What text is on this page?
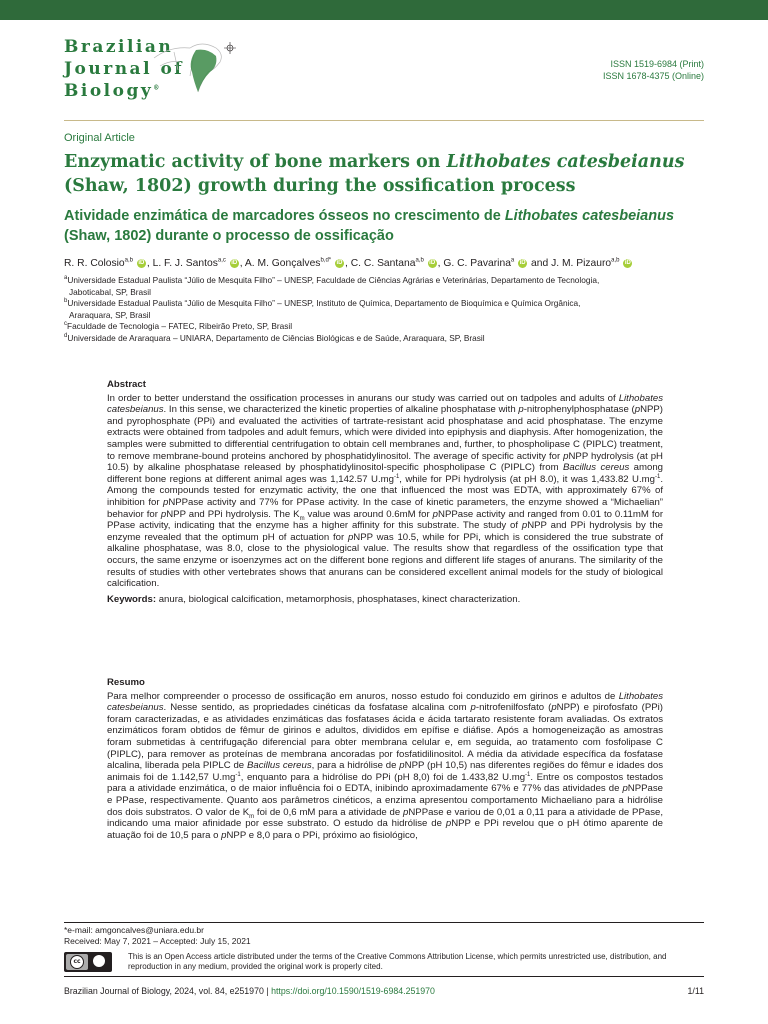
Brazilian
Journal of
Biology®
ISSN 1519-6984 (Print)
ISSN 1678-4375 (Online)
Original Article
Enzymatic activity of bone markers on Lithobates catesbeianus (Shaw, 1802) growth during the ossification process
Atividade enzimática de marcadores ósseos no crescimento de Lithobates catesbeianus (Shaw, 1802) durante o processo de ossificação
R. R. Colosio$^{a,b}$ iD , L. F. J. Santos$^{a,c}$ iD , A. M. Gonçalves$^{b,d*}$ iD , C. C. Santana$^{a,b}$ iD , G. C. Pavarina$^a$ iD and J. M. Pizauro$^{a,b}$ iD

$^a$Universidade Estadual Paulista “Júlio de Mesquita Filho” – UNESP, Faculdade de Ciências Agrárias e Veterinárias, Departamento de Tecnologia,

Jaboticabal, SP, Brasil

$^b$Universidade Estadual Paulista “Júlio de Mesquita Filho” – UNESP, Instituto de Química, Departamento de Bioquímica e Química Orgânica,

Araraquara, SP, Brasil

$^c$Faculdade de Tecnologia – FATEC, Ribeirão Preto, SP, Brasil

$^d$Universidade de Araraquara – UNIARA, Departamento de Ciências Biológicas e de Saúde, Araraquara, SP, Brasil

Abstract

In order to better understand the ossification processes in anurans our study was carried out on tadpoles and adults of Lithobates catesbeianus. In this sense, we characterized the kinetic properties of alkaline phosphatase with p-nitrophenylphosphatase (pNPP) and pyrophosphate (PPi) and evaluated the activities of tartrate-resistant acid phosphatase and acid phosphatase. The enzyme extracts were obtained from tadpoles and adult femurs, which were divided into epiphysis and diaphysis. After homogenization, the samples were submitted to differential centrifugation to obtain cell membranes and, further, to phospholipase C (PIPLC) treatment, to remove membrane-bound proteins anchored by phosphatidylinositol. The average of specific activity for pNPP hydrolysis (at pH 10.5) by alkaline phosphatase released by phosphatidylinositol-specific phospholipase C (PIPLC) from Bacillus cereus among different bone regions at different animal ages was 1,142.57 $U.mg^{-1}$, while for PPi hydrolysis (at pH 8.0), it was 1,433.82 $U.mg^{-1}$. Among the compounds tested for enzymatic activity, the one that influenced the most was EDTA, with approximately 67% of inhibition for pNPPase activity and 77% for PPase activity. In the case of kinetic parameters, the enzyme showed a “Michaelian” behavior for pNPP and PPi hydrolysis. The $K_m$ value was around 0.6mM for pNPPase activity and ranged from 0.01 to 0.11mM for PPase activity, indicating that the enzyme has a higher affinity for this substrate. The study of pNPP and PPi hydrolysis by the enzyme revealed that the optimum pH of actuation for pNPP was 10.5, while for PPi, which is considered the true substrate of alkaline phosphatase, was 8.0, close to the physiological value. The results show that regardless of the ossification type that occurs, the same enzyme or isoenzymes act on the different bone regions and different life stages of anurans. The similarity of the results of studies with other vertebrates shows that anurans can be considered excellent animal models for the study of biological calcification.

Keywords: anura, biological calcification, metamorphosis, phosphatases, kinect characterization.

Resumo

Para melhor compreender o processo de ossificação em anuros, nosso estudo foi conduzido em girinos e adultos de Lithobates catesbeianus. Nesse sentido, as propriedades cinéticas da fosfatase alcalina com p-nitrofenilfosfato (pNPP) e pirofosfato (PPi) foram caracterizadas, e as atividades enzimáticas das fosfatases ácida e ácida tartarato resistente foram avaliadas. Os extratos enzimáticos foram obtidos de fêmur de girinos e adultos, divididos em epífise e diáfise. Após a homogeneização as amostras foram submetidas à centrifugação diferencial para obter membrana celular e, em seguida, ao tratamento com fosfolipase C (PIPLC), para remover as proteínas de membrana ancoradas por fosfatidilinositol. A média da atividade específica da fosfatase alcalina, liberada pela PIPLC de Bacillus cereus, para a hidrólise de pNPP (pH 10,5) nas diferentes regiões do fêmur e idades dos animais foi de 1.142,57 $U.mg^{-1}$, enquanto para a hidrólise do PPi (pH 8,0) foi de 1.433,82 $U.mg^{-1}$. Entre os compostos testados para a atividade enzimática, o de maior influência foi o EDTA, inibindo aproximadamente 67% e 77% das atividades de pNPPase e PPase, respectivamente. Quanto aos parâmetros cinéticos, a enzima apresentou comportamento Michaeliano para a hidrólise dos dois substratos. O valor de $K_m$ foi de 0,6 mM para a atividade de pNPPase e variou de 0,01 a 0,11 para a atividade de PPase, indicando uma maior afinidade por esse substrato. O estudo da hidrólise de pNPP e PPi revelou que o pH ótimo aparente de atuação foi de 10,5 para o pNPP e 8,0 para o PPi, próximo ao fisiológico,

*e-mail: amgoncalves@uniara.edu.br
Received: May 7, 2021 – Accepted: July 15, 2021
cc
This is an Open Access article distributed under the terms of the Creative Commons Attribution License, which permits unrestricted use, distribution, and reproduction in any medium, provided the original work is properly cited.
Brazilian Journal of Biology, 2024, vol. 84, e251970 | https://doi.org/10.1590/1519-6984.251970	1/11
